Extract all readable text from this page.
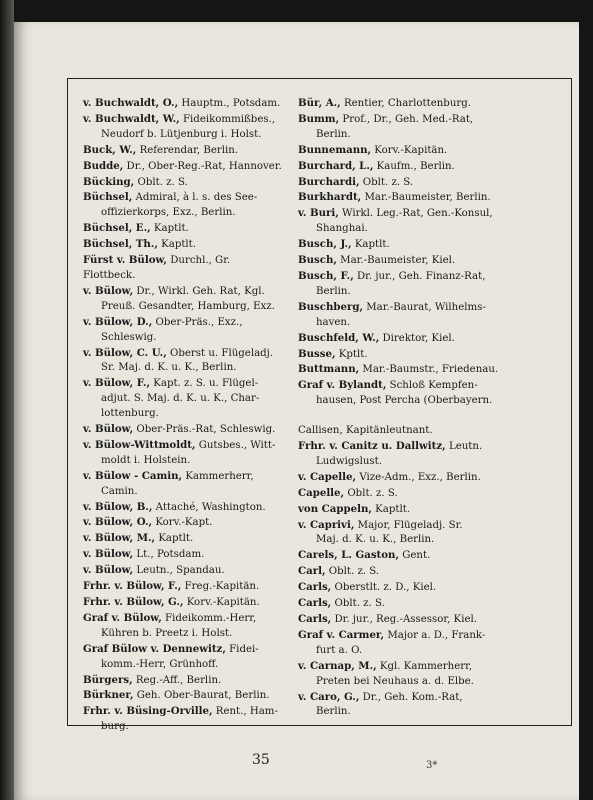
v. Buchwaldt, O., Hauptm., Potsdam.
v. Buchwaldt, W., Fideikommißbes.,
Neudorf b. Lütjenburg i. Holst.
Buck, W., Referendar, Berlin.
Budde, Dr., Ober-Reg.-Rat, Hannover.
Bücking, Oblt. z. S.
Büchsel, Admiral, à l. s. des See-
offizierkorps, Exz., Berlin.
Büchsel, E., Kaptlt.
Büchsel, Th., Kaptlt.
Fürst v. Bülow, Durchl., Gr. Flottbeck.
v. Bülow, Dr., Wirkl. Geh. Rat, Kgl.
Preuß. Gesandter, Hamburg, Exz.
v. Bülow, D., Ober-Präs., Exz.,
Schleswig.
v. Bülow, C. U., Oberst u. Flügeladj.
Sr. Maj. d. K. u. K., Berlin.
v. Bülow, F., Kapt. z. S. u. Flügel-
adjut. S. Maj. d. K. u. K., Char-
lottenburg.
v. Bülow, Ober-Präs.-Rat, Schleswig.
v. Bülow-Wittmoldt, Gutsbes., Witt-
moldt i. Holstein.
v. Bülow - Camin, Kammerherr,
Camin.
v. Bülow, B., Attaché, Washington.
v. Bülow, O., Korv.-Kapt.
v. Bülow, M., Kaptlt.
v. Bülow, Lt., Potsdam.
v. Bülow, Leutn., Spandau.
Frhr. v. Bülow, F., Freg.-Kapitän.
Frhr. v. Bülow, G., Korv.-Kapitän.
Graf v. Bülow, Fideikomm.-Herr,
Kühren b. Preetz i. Holst.
Graf Bülow v. Dennewitz, Fidei-
komm.-Herr, Grünhoff.
Bürgers, Reg.-Aff., Berlin.
Bürkner, Geh. Ober-Baurat, Berlin.
Frhr. v. Büsing-Orville, Rent., Ham-
burg.
Bür, A., Rentier, Charlottenburg.
Bumm, Prof., Dr., Geh. Med.-Rat,
Berlin.
Bunnemann, Korv.-Kapitän.
Burchard, L., Kaufm., Berlin.
Burchardi, Oblt. z. S.
Burkhardt, Mar.-Baumeister, Berlin.
v. Buri, Wirkl. Leg.-Rat, Gen.-Konsul,
Shanghai.
Busch, J., Kaptlt.
Busch, Mar.-Baumeister, Kiel.
Busch, F., Dr. jur., Geh. Finanz-Rat,
Berlin.
Buschberg, Mar.-Baurat, Wilhelms-
haven.
Buschfeld, W., Direktor, Kiel.
Busse, Kptlt.
Buttmann, Mar.-Baumstr., Friedenau.
Graf v. Bylandt, Schloß Kempfen-
hausen, Post Percha (Oberbayern.
Callisen, Kapitänleutnant.
Frhr. v. Canitz u. Dallwitz, Leutn.
Ludwigslust.
v. Capelle, Vize-Adm., Exz., Berlin.
Capelle, Oblt. z. S.
von Cappeln, Kaptlt.
v. Caprivi, Major, Flügeladj. Sr.
Maj. d. K. u. K., Berlin.
Carels, L. Gaston, Gent.
Carl, Oblt. z. S.
Carls, Oberstlt. z. D., Kiel.
Carls, Oblt. z. S.
Carls, Dr. jur., Reg.-Assessor, Kiel.
Graf v. Carmer, Major a. D., Frank-
furt a. O.
v. Carnap, M., Kgl. Kammerherr,
Preten bei Neuhaus a. d. Elbe.
v. Caro, G., Dr., Geh. Kom.-Rat,
Berlin.
35	3*
